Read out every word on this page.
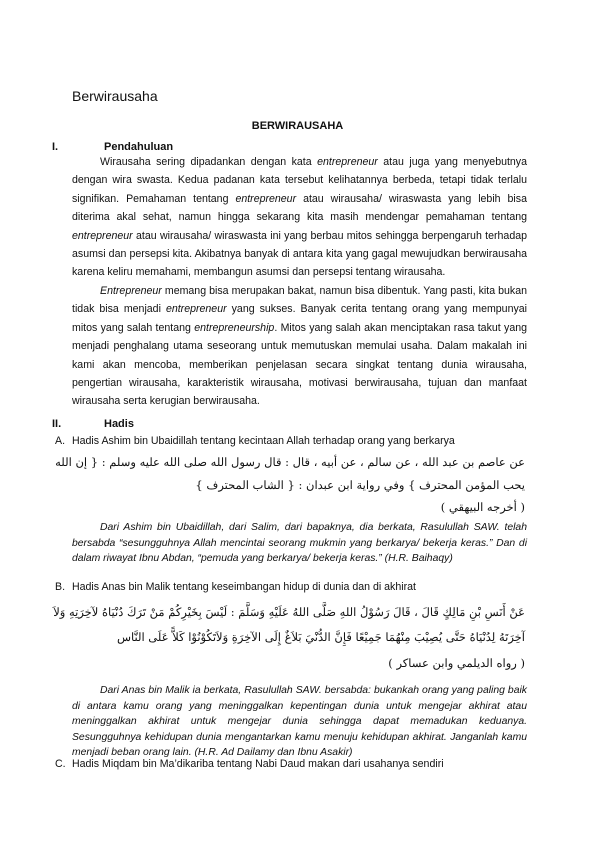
Berwirausaha
BERWIRAUSAHA
I.	Pendahuluan
Wirausaha sering dipadankan dengan kata entrepreneur atau juga yang menyebutnya dengan wira swasta. Kedua padanan kata tersebut kelihatannya berbeda, tetapi tidak terlalu signifikan. Pemahaman tentang entrepreneur atau wirausaha/ wiraswasta yang lebih bisa diterima akal sehat, namun hingga sekarang kita masih mendengar pemahaman tentang entrepreneur atau wirausaha/ wiraswasta ini yang berbau mitos sehingga berpengaruh terhadap asumsi dan persepsi kita. Akibatnya banyak di antara kita yang gagal mewujudkan berwirausaha karena keliru memahami, membangun asumsi dan persepsi tentang wirausaha.
Entrepreneur memang bisa merupakan bakat, namun bisa dibentuk. Yang pasti, kita bukan tidak bisa menjadi entrepreneur yang sukses. Banyak cerita tentang orang yang mempunyai mitos yang salah tentang entrepreneurship. Mitos yang salah akan menciptakan rasa takut yang menjadi penghalang utama seseorang untuk memutuskan memulai usaha. Dalam makalah ini kami akan mencoba, memberikan penjelasan secara singkat tentang dunia wirausaha, pengertian wirausaha, karakteristik wirausaha, motivasi berwirausaha, tujuan dan manfaat wirausaha serta kerugian berwirausaha.
II.	Hadis
A. Hadis Ashim bin Ubaidillah tentang kecintaan Allah terhadap orang yang berkarya
عن عاصم بن عبد الله ، عن سالم ، عن أبيه ، قال : قال رسول الله صلى الله عليه وسلم : { إن الله
يحب المؤمن المحترف } وفي رواية ابن عبدان : { الشاب المحترف }
( أخرجه البيهقي )
Dari Ashim bin Ubaidillah, dari Salim, dari bapaknya, dia berkata, Rasulullah SAW. telah bersabda “sesungguhnya Allah mencintai seorang mukmin yang berkarya/ bekerja keras.” Dan di dalam riwayat Ibnu Abdan, “pemuda yang berkarya/ bekerja keras.” (H.R. Baihaqy)
B. Hadis Anas bin Malik tentang keseimbangan hidup di dunia dan di akhirat
عَنْ أَنَسِ بْنِ مَالِكٍ قَالَ ، قَالَ رَسُوْلُ اللهِ صَلَّى اللهُ عَلَيْهِ وَسَلَّمَ : لَيْسَ بِخَيْرِكُمْ مَنْ تَرَكَ دُنْيَاهُ لآخِرَتِهِ وَلاَ
آخِرَتَهُ لِدُنْيَاهُ حَتَّى يُصِيْبَ مِنْهُمَا جَمِيْعًا فَإِنَّ الدُّنْيَ بَلاَغٌ إِلَى الآخِرَةِ وَلاَتَكُوْنُوْا كَلاًّ عَلَى النَّاس
( رواه الديلمي وابن عساكر )
Dari Anas bin Malik ia berkata, Rasulullah SAW. bersabda: bukankah orang yang paling baik di antara kamu orang yang meninggalkan kepentingan dunia untuk mengejar akhirat atau meninggalkan akhirat untuk mengejar dunia sehingga dapat memadukan keduanya. Sesungguhnya kehidupan dunia mengantarkan kamu menuju kehidupan akhirat. Janganlah kamu menjadi beban orang lain. (H.R. Ad Dailamy dan Ibnu Asakir)
C. Hadis Miqdam bin Ma’dikariba tentang Nabi Daud makan dari usahanya sendiri
